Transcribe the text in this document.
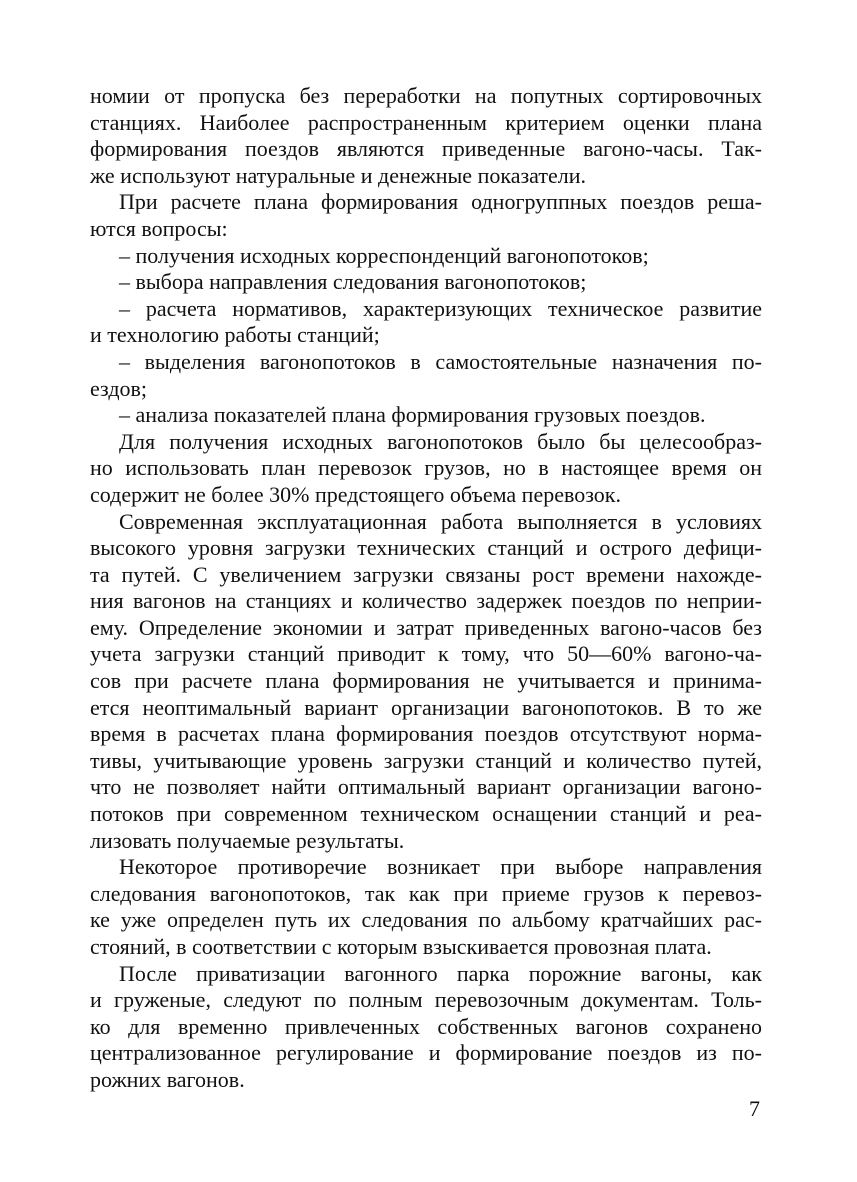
номии от пропуска без переработки на попутных сортировочных
станциях. Наиболее распространенным критерием оценки плана
формирования поездов являются приведенные вагоно-часы. Так-
же используют натуральные и денежные показатели.
При расчете плана формирования одногруппных поездов реша-
ются вопросы:
– получения исходных корреспонденций вагонопотоков;
– выбора направления следования вагонопотоков;
– расчета нормативов, характеризующих техническое развитие
и технологию работы станций;
– выделения вагонопотоков в самостоятельные назначения по-
ездов;
– анализа показателей плана формирования грузовых поездов.
Для получения исходных вагонопотоков было бы целесообраз-
но использовать план перевозок грузов, но в настоящее время он
содержит не более 30% предстоящего объема перевозок.
Современная эксплуатационная работа выполняется в условиях
высокого уровня загрузки технических станций и острого дефици-
та путей. С увеличением загрузки связаны рост времени нахожде-
ния вагонов на станциях и количество задержек поездов по неприи-
ему. Определение экономии и затрат приведенных вагоно-часов без
учета загрузки станций приводит к тому, что 50—60% вагоно-ча-
сов при расчете плана формирования не учитывается и принима-
ется неоптимальный вариант организации вагонопотоков. В то же
время в расчетах плана формирования поездов отсутствуют норма-
тивы, учитывающие уровень загрузки станций и количество путей,
что не позволяет найти оптимальный вариант организации вагоно-
потоков при современном техническом оснащении станций и реа-
лизовать получаемые результаты.
Некоторое противоречие возникает при выборе направления
следования вагонопотоков, так как при приеме грузов к перевоз-
ке уже определен путь их следования по альбому кратчайших рас-
стояний, в соответствии с которым взыскивается провозная плата.
После приватизации вагонного парка порожние вагоны, как
и груженые, следуют по полным перевозочным документам. Толь-
ко для временно привлеченных собственных вагонов сохранено
централизованное регулирование и формирование поездов из по-
рожних вагонов.
7
